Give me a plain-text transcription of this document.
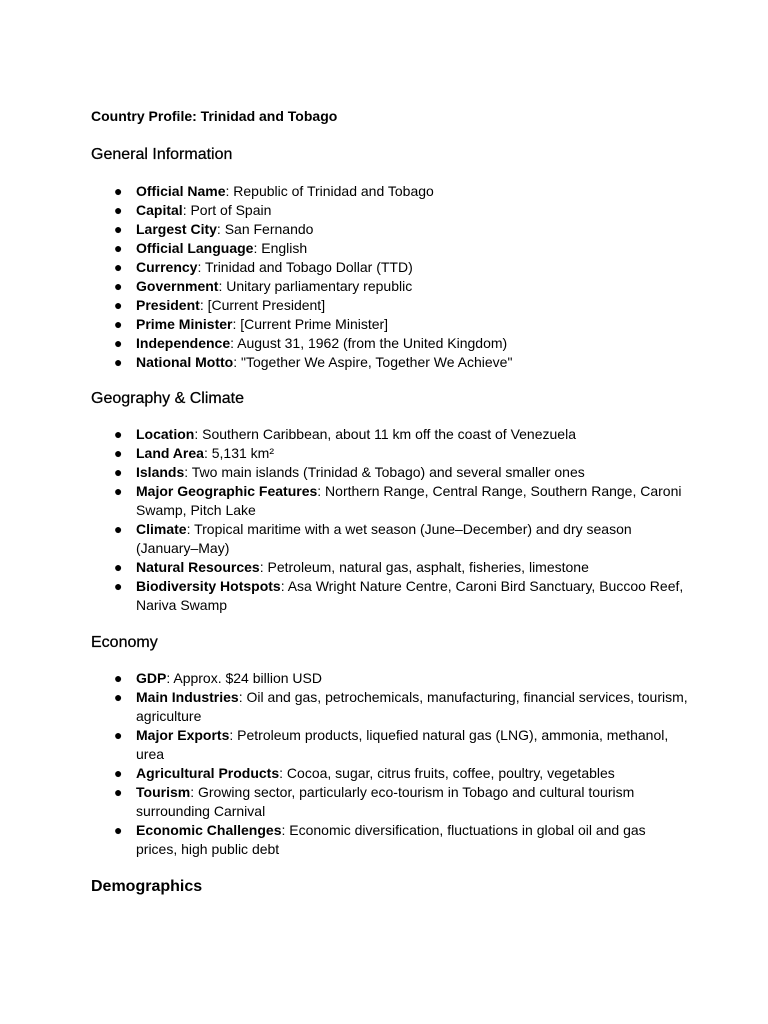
Country Profile: Trinidad and Tobago
General Information
● Official Name: Republic of Trinidad and Tobago
● Capital: Port of Spain
● Largest City: San Fernando
● Official Language: English
● Currency: Trinidad and Tobago Dollar (TTD)
● Government: Unitary parliamentary republic
● President: [Current President]
● Prime Minister: [Current Prime Minister]
● Independence: August 31, 1962 (from the United Kingdom)
● National Motto: "Together We Aspire, Together We Achieve"
Geography & Climate
● Location: Southern Caribbean, about 11 km off the coast of Venezuela
● Land Area: 5,131 km²
● Islands: Two main islands (Trinidad & Tobago) and several smaller ones
● Major Geographic Features: Northern Range, Central Range, Southern Range, Caroni Swamp, Pitch Lake
● Climate: Tropical maritime with a wet season (June–December) and dry season (January–May)
● Natural Resources: Petroleum, natural gas, asphalt, fisheries, limestone
● Biodiversity Hotspots: Asa Wright Nature Centre, Caroni Bird Sanctuary, Buccoo Reef, Nariva Swamp
Economy
● GDP: Approx. $24 billion USD
● Main Industries: Oil and gas, petrochemicals, manufacturing, financial services, tourism, agriculture
● Major Exports: Petroleum products, liquefied natural gas (LNG), ammonia, methanol, urea
● Agricultural Products: Cocoa, sugar, citrus fruits, coffee, poultry, vegetables
● Tourism: Growing sector, particularly eco-tourism in Tobago and cultural tourism surrounding Carnival
● Economic Challenges: Economic diversification, fluctuations in global oil and gas prices, high public debt
Demographics
